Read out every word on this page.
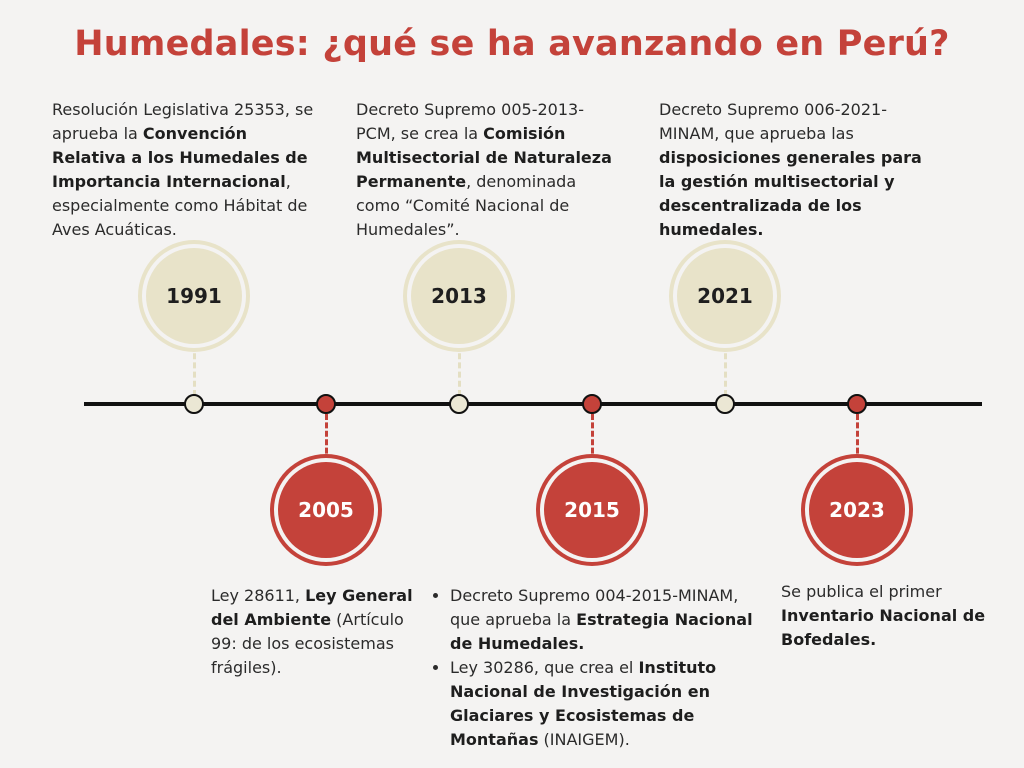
Humedales: ¿qué se ha avanzando en Perú?
Resolución Legislativa 25353, se aprueba la Convención Relativa a los Humedales de Importancia Internacional, especialmente como Hábitat de Aves Acuáticas.
Decreto Supremo 005-2013-PCM, se crea la Comisión Multisectorial de Naturaleza Permanente, denominada como “Comité Nacional de Humedales”.
Decreto Supremo 006-2021-MINAM, que aprueba las disposiciones generales para la gestión multisectorial y descentralizada de los humedales.
1991	2013	2021
2005	2015	2023
Ley 28611, Ley General del Ambiente (Artículo 99: de los ecosistemas frágiles).
• Decreto Supremo 004-2015-MINAM, que aprueba la Estrategia Nacional de Humedales.
• Ley 30286, que crea el Instituto Nacional de Investigación en Glaciares y Ecosistemas de Montañas (INAIGEM).
Se publica el primer Inventario Nacional de Bofedales.
